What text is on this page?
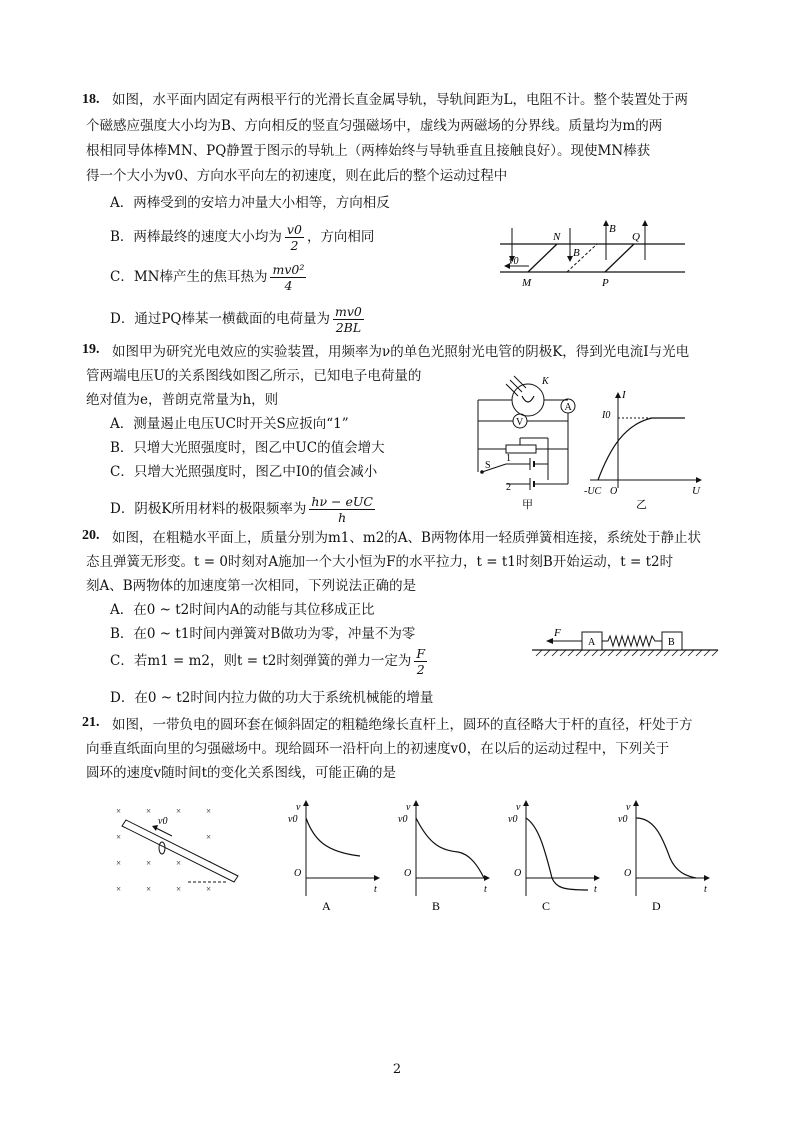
18. 如图，水平面内固定有两根平行的光滑长直金属导轨，导轨间距为L，电阻不计。整个装置处于两
个磁感应强度大小均为B、方向相反的竖直匀强磁场中，虚线为两磁场的分界线。质量均为m的两
根相同导体棒MN、PQ静置于图示的导轨上（两棒始终与导轨垂直且接触良好）。现使MN棒获
得一个大小为v0、方向水平向左的初速度，则在此后的整个运动过程中
A．两棒受到的安培力冲量大小相等，方向相反
B．两棒最终的速度大小均为 $\frac{v0}{2}$ ，方向相同
C．MN棒产生的焦耳热为 $\frac{\text{mv0²}}{4}$
D．通过PQ棒某一横截面的电荷量为 $\frac{mv0}{2BL}$
N
B
B
Q
v0
M	P
19. 如图甲为研究光电效应的实验装置，用频率为ν的单色光照射光电管的阴极K，得到光电流I与光电
管两端电压U的关系图线如图乙所示，已知电子电荷量的
绝对值为e，普朗克常量为h，则
A．测量遏止电压UC时开关S应扳向“1”
B．只增大光照强度时，图乙中UC的值会增大
C．只增大光照强度时，图乙中I0的值会减小
D．阴极K所用材料的极限频率为 $\frac{\text{hν − eUC}}{h}$
A
V
S
1
2
K
甲
I
I0
-UC O	U
乙
20. 如图，在粗糙水平面上，质量分别为m1、m2的A、B两物体用一轻质弹簧相连接，系统处于静止状
态且弹簧无形变。t = 0时刻对A施加一个大小恒为F的水平拉力，t = t1时刻B开始运动，t = t2时
刻A、B两物体的加速度第一次相同，下列说法正确的是
A．在0 ~ t2时间内A的动能与其位移成正比
B．在0 ~ t1时间内弹簧对B做功为零，冲量不为零
C．若m1 = m2，则t = t2时刻弹簧的弹力一定为 $\frac{F}{2}$
D．在0 ~ t2时间内拉力做的功大于系统机械能的增量
A	B
F
21. 如图，一带负电的圆环套在倾斜固定的粗糙绝缘长直杆上，圆环的直径略大于杆的直径，杆处于方
向垂直纸面向里的匀强磁场中。现给圆环一沿杆向上的初速度v0，在以后的运动过程中，下列关于
圆环的速度v随时间t的变化关系图线，可能正确的是
×	×	×	×
×	×
×	×	×
×	×	×	×
v0
v
v0
O
t
A
v
v0
O
t
B
v
v0
O
t
C
v
v0
O
t
D
2
